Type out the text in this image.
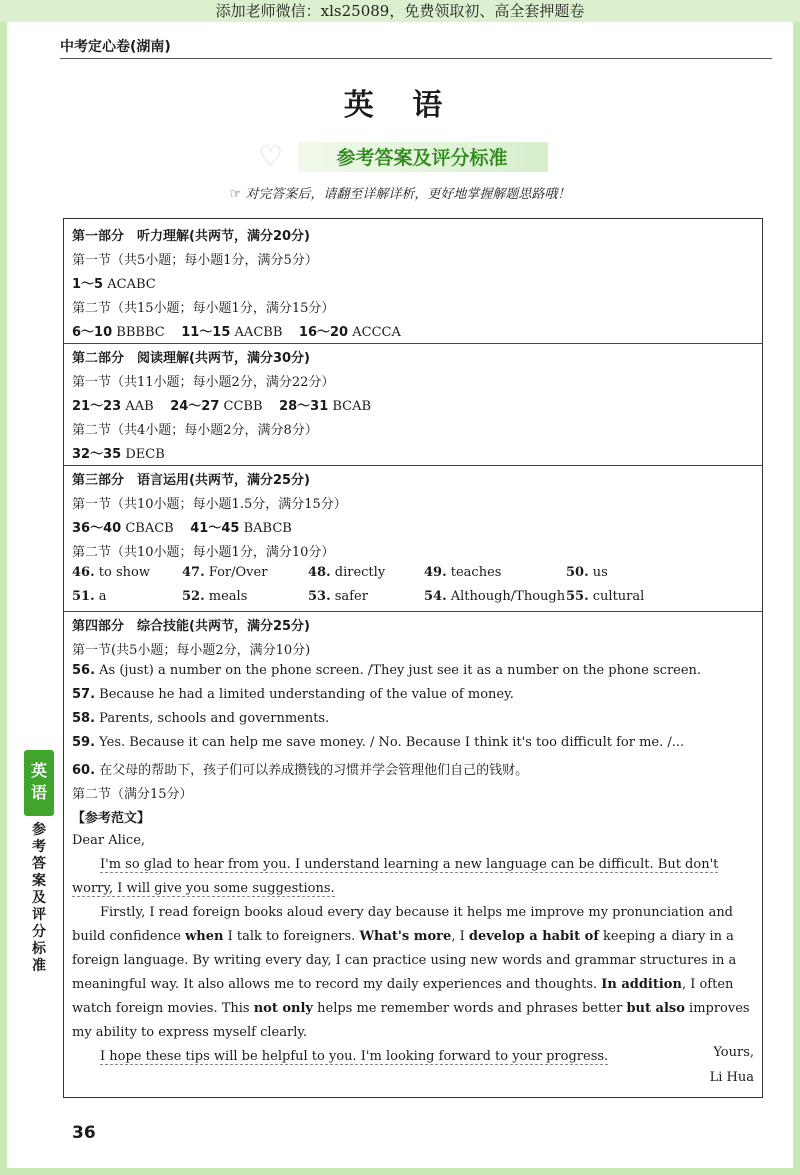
添加老师微信：xls25089，免费领取初、高全套押题卷
中考定心卷(湖南)
英 语
♡	参考答案及评分标准
☞ 对完答案后，请翻至详解详析，更好地掌握解题思路哦！
第一部分　听力理解(共两节，满分20分)
第一节（共5小题；每小题1分，满分5分）
1～5 ACABC
第二节（共15小题；每小题1分，满分15分）
6～10 BBBBC 11～15 AACBB 16～20 ACCCA
第二部分　阅读理解(共两节，满分30分)
第一节（共11小题；每小题2分，满分22分）
21～23 AAB 24～27 CCBB 28～31 BCAB
第二节（共4小题；每小题2分，满分8分）
32～35 DECB
第三部分　语言运用(共两节，满分25分)
第一节（共10小题；每小题1.5分，满分15分）
36～40 CBACB 41～45 BABCB
第二节（共10小题；每小题1分，满分10分）
46. to show 47. For/Over	48. directly	49. teaches	50. us
51. a	52. meals	53. safer	54. Although/Though 55. cultural
第四部分　综合技能(共两节，满分25分)
第一节(共5小题；每小题2分，满分10分)
56. As (just) a number on the phone screen. /They just see it as a number on the phone screen.
57. Because he had a limited understanding of the value of money.
58. Parents, schools and governments.
59. Yes. Because it can help me save money. / No. Because I think it's too difficult for me. /...
60. 在父母的帮助下，孩子们可以养成攒钱的习惯并学会管理他们自己的钱财。
第二节（满分15分）
【参考范文】

Dear Alice,

I'm so glad to hear from you. I understand learning a new language can be difficult. But don't worry, I will give you some suggestions.

Firstly, I read foreign books aloud every day because it helps me improve my pronunciation and build confidence when I talk to foreigners. What's more, I develop a habit of keeping a diary in a foreign language. By writing every day, I can practice using new words and grammar structures in a meaningful way. It also allows me to record my daily experiences and thoughts. In addition, I often watch foreign movies. This not only helps me remember words and phrases better but also improves my ability to express myself clearly.

I hope these tips will be helpful to you. I'm looking forward to your progress.	Yours,
Li Hua
英 语
参考答案及评分标准
36
